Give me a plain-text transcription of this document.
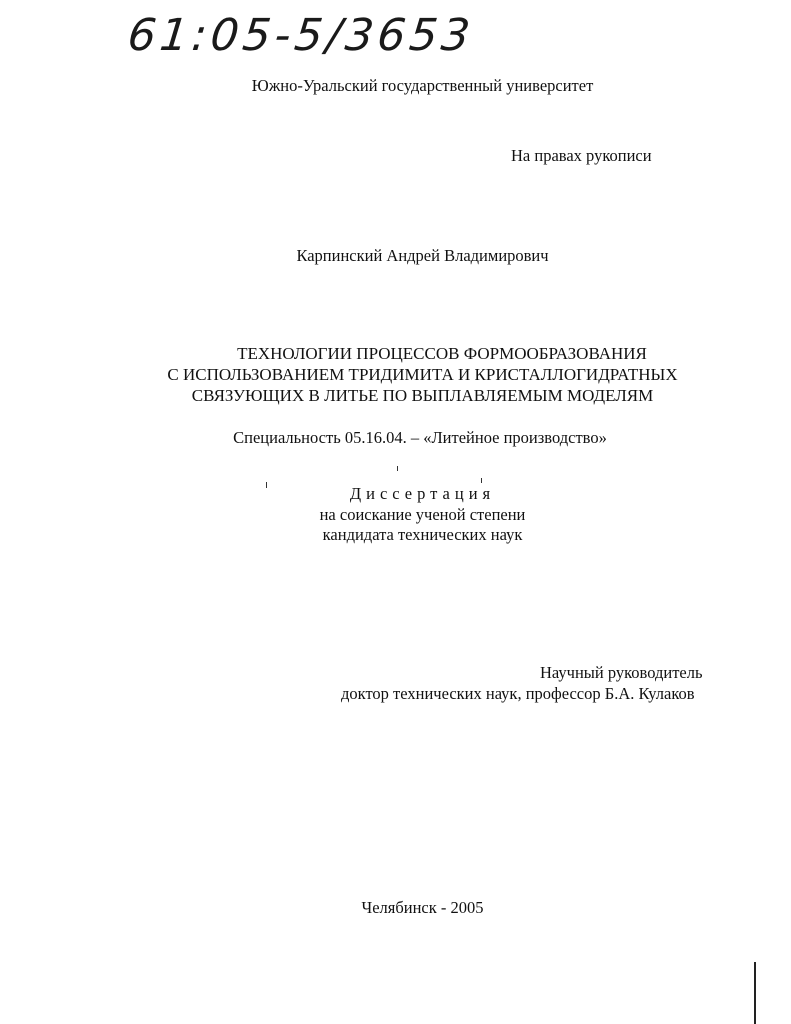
61:05-5/3653
Южно-Уральский государственный университет
На правах рукописи
Карпинский Андрей Владимирович
ТЕХНОЛОГИИ ПРОЦЕССОВ ФОРМООБРАЗОВАНИЯ
С ИСПОЛЬЗОВАНИЕМ ТРИДИМИТА И КРИСТАЛЛОГИДРАТНЫХ
СВЯЗУЮЩИХ В ЛИТЬЕ ПО ВЫПЛАВЛЯЕМЫМ МОДЕЛЯМ
Специальность 05.16.04. – «Литейное производство»
Диссертация
на соискание ученой степени
кандидата технических наук
Научный руководитель
доктор технических наук, профессор Б.А. Кулаков
Челябинск - 2005
